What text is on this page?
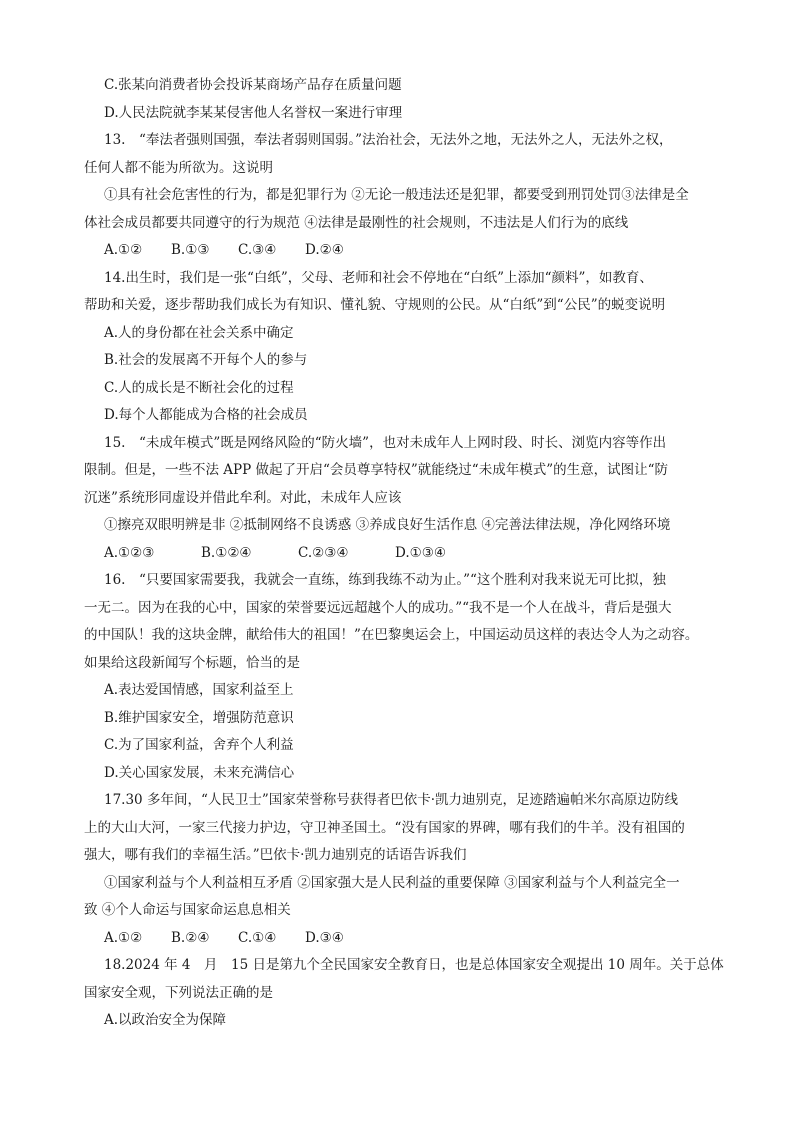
C.张某向消费者协会投诉某商场产品存在质量问题
D.人民法院就李某某侵害他人名誉权一案进行审理
13.　“奉法者强则国强，奉法者弱则国弱。”法治社会，无法外之地，无法外之人，无法外之权，
任何人都不能为所欲为。这说明
①具有社会危害性的行为，都是犯罪行为 ②无论一般违法还是犯罪，都要受到刑罚处罚③法律是全
体社会成员都要共同遵守的行为规范 ④法律是最刚性的社会规则，不违法是人们行为的底线
A.①②	B.①③	C.③④	D.②④
14.出生时，我们是一张“白纸”，父母、老师和社会不停地在“白纸”上添加“颜料”，如教育、
帮助和关爱，逐步帮助我们成长为有知识、懂礼貌、守规则的公民。从“白纸”到“公民”的蜕变说明
A.人的身份都在社会关系中确定
B.社会的发展离不开每个人的参与
C.人的成长是不断社会化的过程
D.每个人都能成为合格的社会成员
15.　“未成年模式”既是网络风险的“防火墙”，也对未成年人上网时段、时长、浏览内容等作出
限制。但是，一些不法 APP 做起了开启“会员尊享特权”就能绕过“未成年模式”的生意，试图让“防
沉迷”系统形同虚设并借此牟利。对此，未成年人应该
①擦亮双眼明辨是非 ②抵制网络不良诱惑 ③养成良好生活作息 ④完善法律法规，净化网络环境
A.①②③	B.①②④	C.②③④	D.①③④
16.　“只要国家需要我，我就会一直练，练到我练不动为止。”“这个胜利对我来说无可比拟，独
一无二。因为在我的心中，国家的荣誉要远远超越个人的成功。”“我不是一个人在战斗，背后是强大
的中国队！我的这块金牌，献给伟大的祖国！”在巴黎奥运会上，中国运动员这样的表达令人为之动容。
如果给这段新闻写个标题，恰当的是
A.表达爱国情感，国家利益至上
B.维护国家安全，增强防范意识
C.为了国家利益，舍弃个人利益
D.关心国家发展，未来充满信心
17.30 多年间，“人民卫士”国家荣誉称号获得者巴依卡·凯力迪别克，足迹踏遍帕米尔高原边防线
上的大山大河，一家三代接力护边，守卫神圣国土。“没有国家的界碑，哪有我们的牛羊。没有祖国的
强大，哪有我们的幸福生活。”巴依卡·凯力迪别克的话语告诉我们
①国家利益与个人利益相互矛盾 ②国家强大是人民利益的重要保障 ③国家利益与个人利益完全一
致 ④个人命运与国家命运息息相关
A.①②	B.②④	C.①④	D.③④
18.2024 年 4　月　15 日是第九个全民国家安全教育日，也是总体国家安全观提出 10 周年。关于总体
国家安全观，下列说法正确的是
A.以政治安全为保障
